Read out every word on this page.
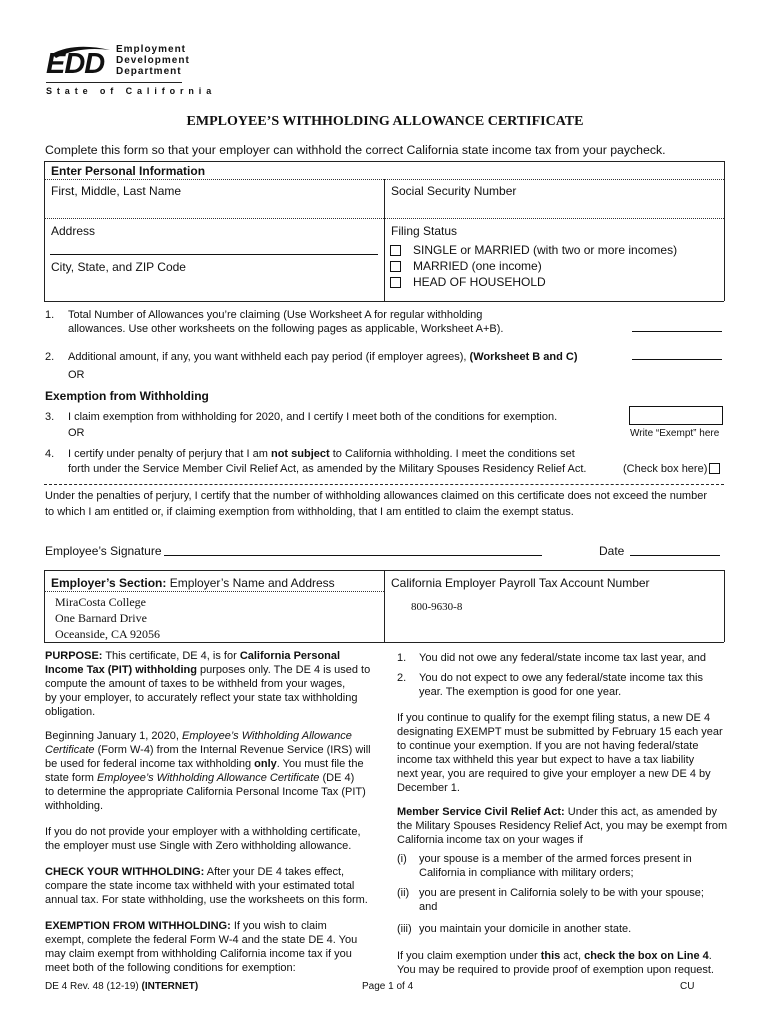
EDD Employment
Development
Department
S t a t e   o f   C a l i f o r n i a
EMPLOYEE’S WITHHOLDING ALLOWANCE CERTIFICATE
Complete this form so that your employer can withhold the correct California state income tax from your paycheck.
Enter Personal Information
First, Middle, Last Name	Social Security Number
Address
City, State, and ZIP Code
Filing Status
SINGLE or MARRIED (with two or more incomes)
MARRIED (one income)
HEAD OF HOUSEHOLD
1. Total Number of Allowances you’re claiming (Use Worksheet A for regular withholding
allowances. Use other worksheets on the following pages as applicable, Worksheet A+B).
2. Additional amount, if any, you want withheld each pay period (if employer agrees), (Worksheet B and C)
OR
Exemption from Withholding
3. I claim exemption from withholding for 2020, and I certify I meet both of the conditions for exemption.
OR	Write “Exempt” here
4. I certify under penalty of perjury that I am not subject to California withholding. I meet the conditions set
forth under the Service Member Civil Relief Act, as amended by the Military Spouses Residency Relief Act.	(Check box here)
Under the penalties of perjury, I certify that the number of withholding allowances claimed on this certificate does not exceed the number
to which I am entitled or, if claiming exemption from withholding, that I am entitled to claim the exempt status.
Employee’s Signature	Date
Employer’s Section: Employer’s Name and Address
MiraCosta College
One Barnard Drive
Oceanside, CA 92056
California Employer Payroll Tax Account Number
800-9630-8
PURPOSE: This certificate, DE 4, is for California Personal
Income Tax (PIT) withholding purposes only. The DE 4 is used to
compute the amount of taxes to be withheld from your wages,
by your employer, to accurately reflect your state tax withholding
obligation.
Beginning January 1, 2020, Employee’s Withholding Allowance
Certificate (Form W-4) from the Internal Revenue Service (IRS) will
be used for federal income tax withholding only. You must file the
state form Employee’s Withholding Allowance Certificate (DE 4)
to determine the appropriate California Personal Income Tax (PIT)
withholding.
If you do not provide your employer with a withholding certificate,
the employer must use Single with Zero withholding allowance.
CHECK YOUR WITHHOLDING: After your DE 4 takes effect,
compare the state income tax withheld with your estimated total
annual tax. For state withholding, use the worksheets on this form.
EXEMPTION FROM WITHHOLDING: If you wish to claim
exempt, complete the federal Form W-4 and the state DE 4. You
may claim exempt from withholding California income tax if you
meet both of the following conditions for exemption:
1. You did not owe any federal/state income tax last year, and
2. You do not expect to owe any federal/state income tax this
year. The exemption is good for one year.
If you continue to qualify for the exempt filing status, a new DE 4
designating EXEMPT must be submitted by February 15 each year
to continue your exemption. If you are not having federal/state
income tax withheld this year but expect to have a tax liability
next year, you are required to give your employer a new DE 4 by
December 1.
Member Service Civil Relief Act: Under this act, as amended by
the Military Spouses Residency Relief Act, you may be exempt from
California income tax on your wages if
(i) your spouse is a member of the armed forces present in
California in compliance with military orders;
(ii) you are present in California solely to be with your spouse;
and
(iii) you maintain your domicile in another state.
If you claim exemption under this act, check the box on Line 4.
You may be required to provide proof of exemption upon request.
DE 4 Rev. 48 (12-19) (INTERNET)	Page 1 of 4	CU
